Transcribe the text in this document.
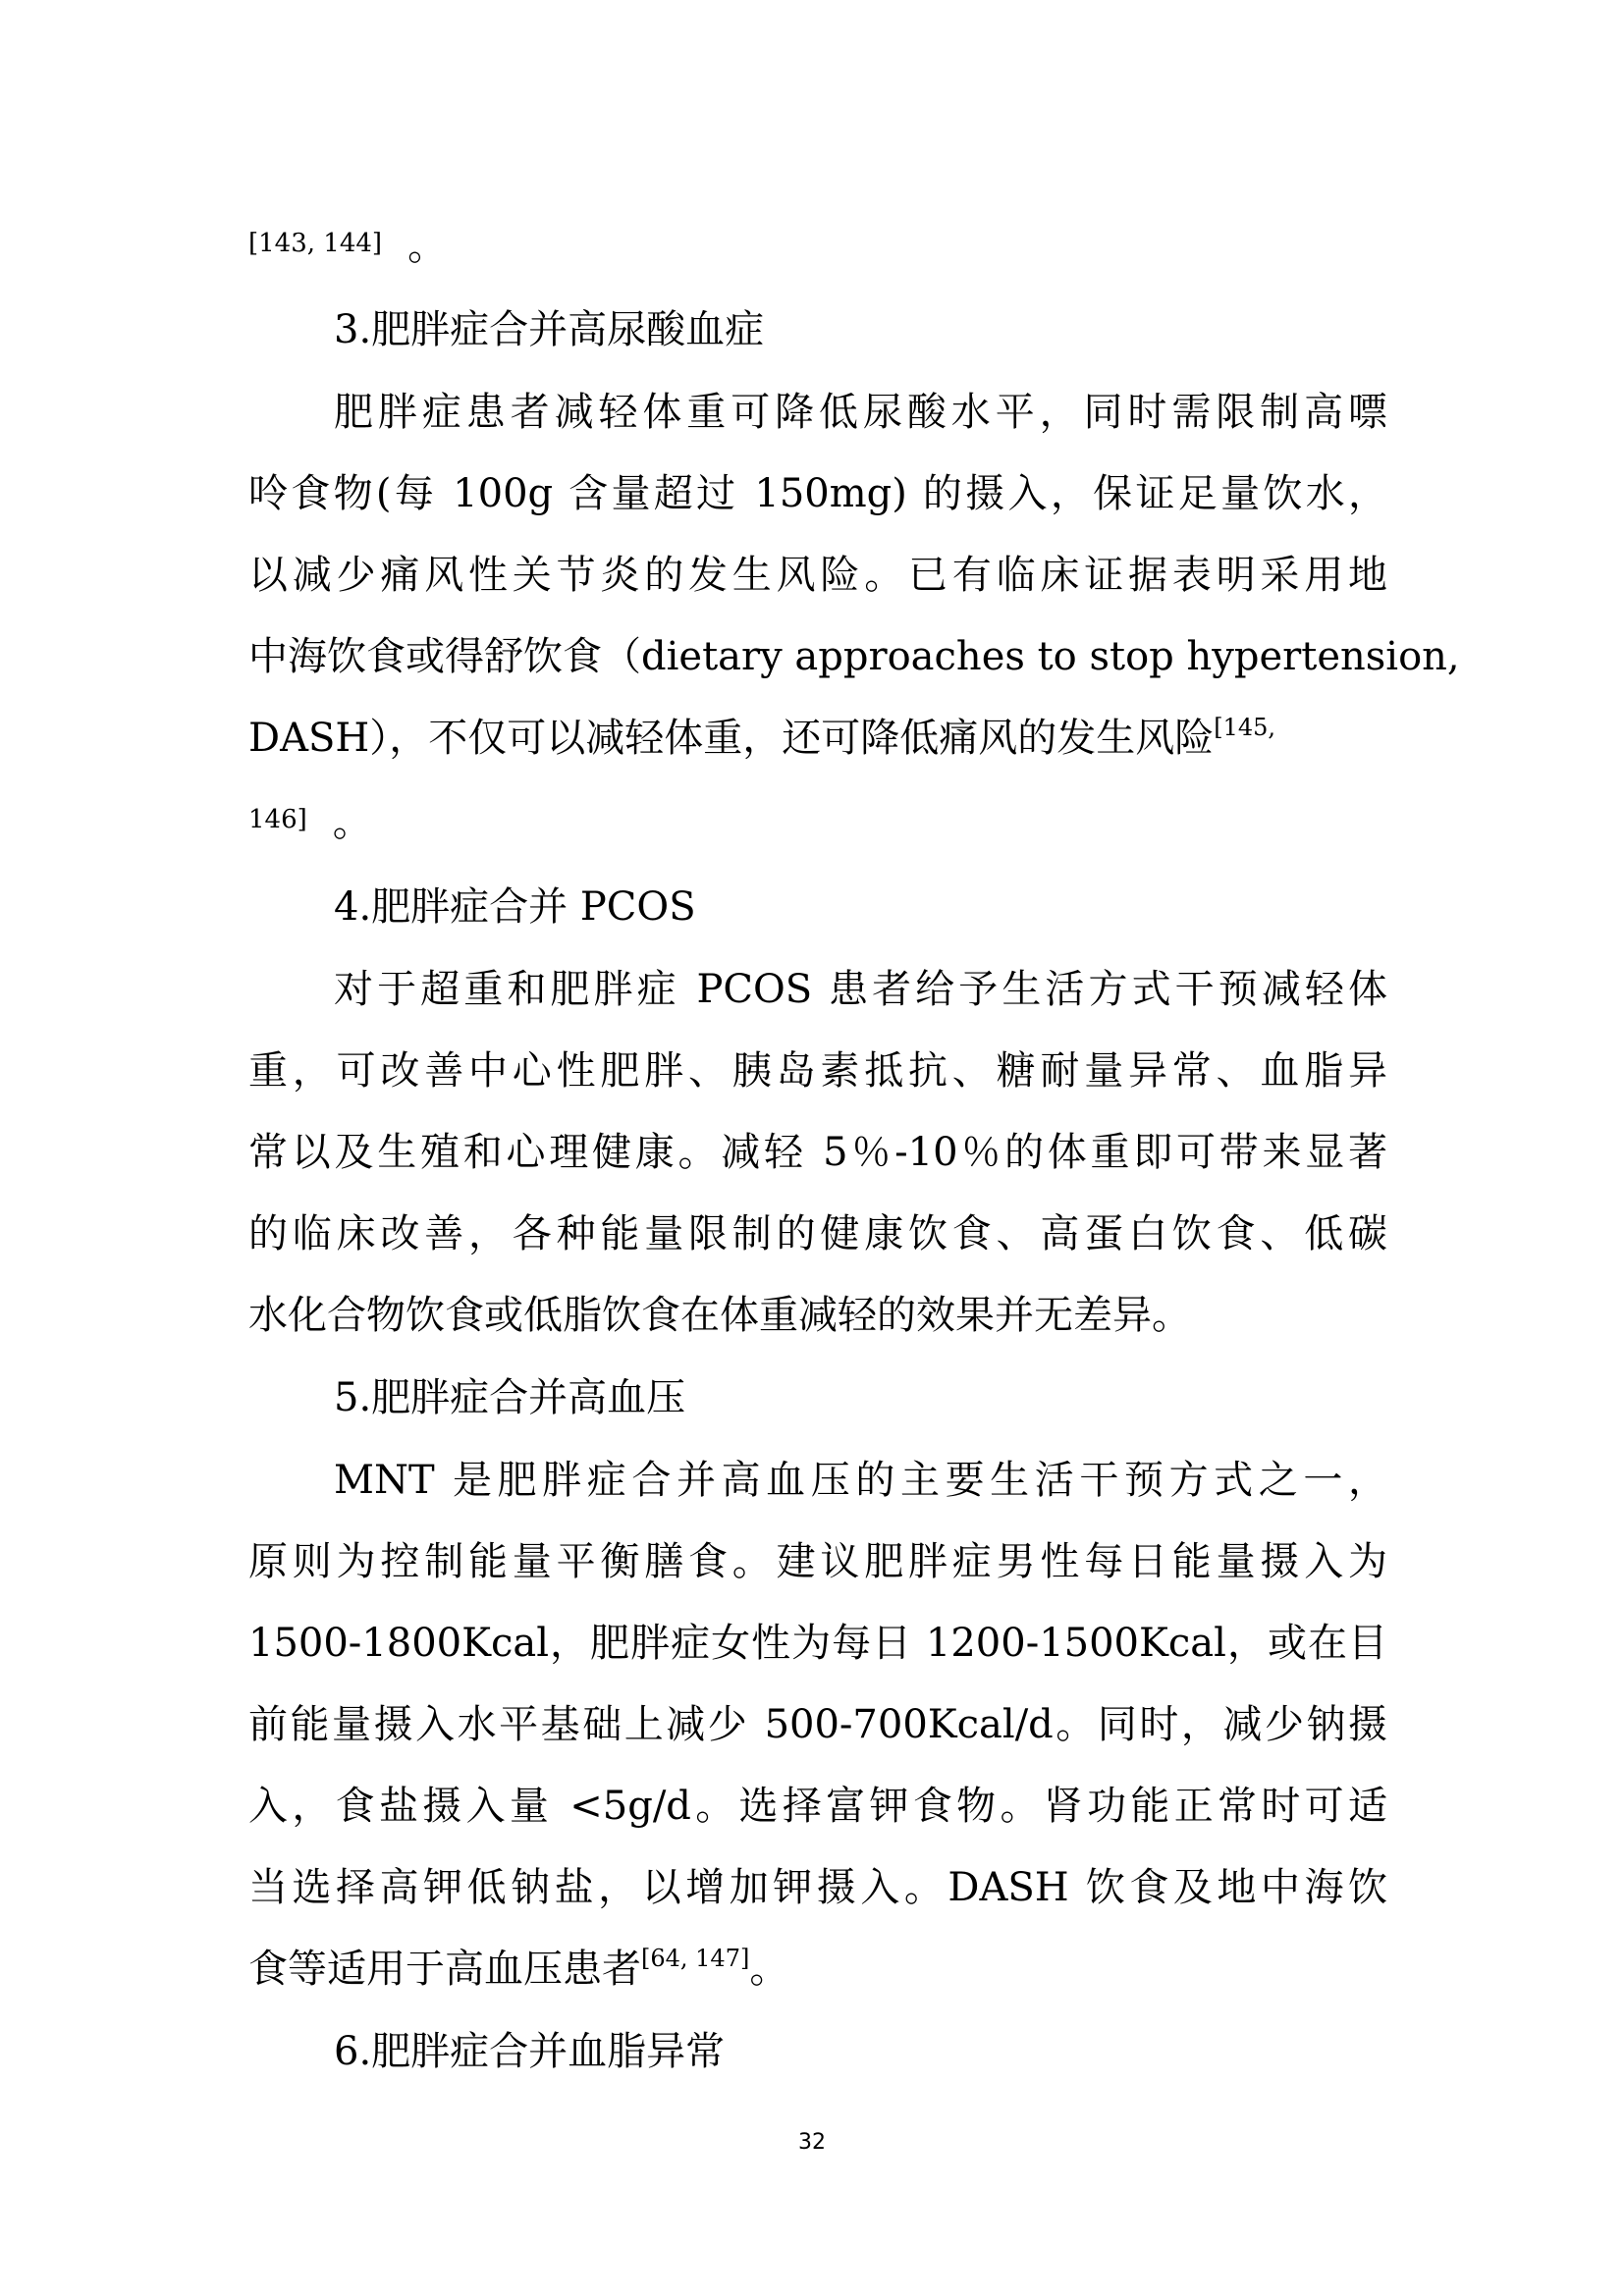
[143, 144] 。
3.肥胖症合并高尿酸血症
肥胖症患者减轻体重可降低尿酸水平，同时需限制高嘌
呤食物(每 100g 含量超过 150mg) 的摄入，保证足量饮水，
以减少痛风性关节炎的发生风险。已有临床证据表明采用地
中海饮食或得舒饮食（dietary approaches to stop hypertension,
DASH），不仅可以减轻体重，还可降低痛风的发生风险$^{[145,}$
146] 。
4.肥胖症合并 PCOS
对于超重和肥胖症 PCOS 患者给予生活方式干预减轻体
重，可改善中心性肥胖、胰岛素抵抗、糖耐量异常、血脂异
常以及生殖和心理健康。减轻 5％-10％的体重即可带来显著
的临床改善，各种能量限制的健康饮食、高蛋白饮食、低碳
水化合物饮食或低脂饮食在体重减轻的效果并无差异。
5.肥胖症合并高血压
MNT 是肥胖症合并高血压的主要生活干预方式之一，
原则为控制能量平衡膳食。建议肥胖症男性每日能量摄入为
1500-1800Kcal，肥胖症女性为每日 1200-1500Kcal，或在目
前能量摄入水平基础上减少 500-700Kcal/d。同时，减少钠摄
入，食盐摄入量 <5g/d。选择富钾食物。肾功能正常时可适
当选择高钾低钠盐，以增加钾摄入。DASH 饮食及地中海饮
食等适用于高血压患者[64, 147]。
6.肥胖症合并血脂异常
32
